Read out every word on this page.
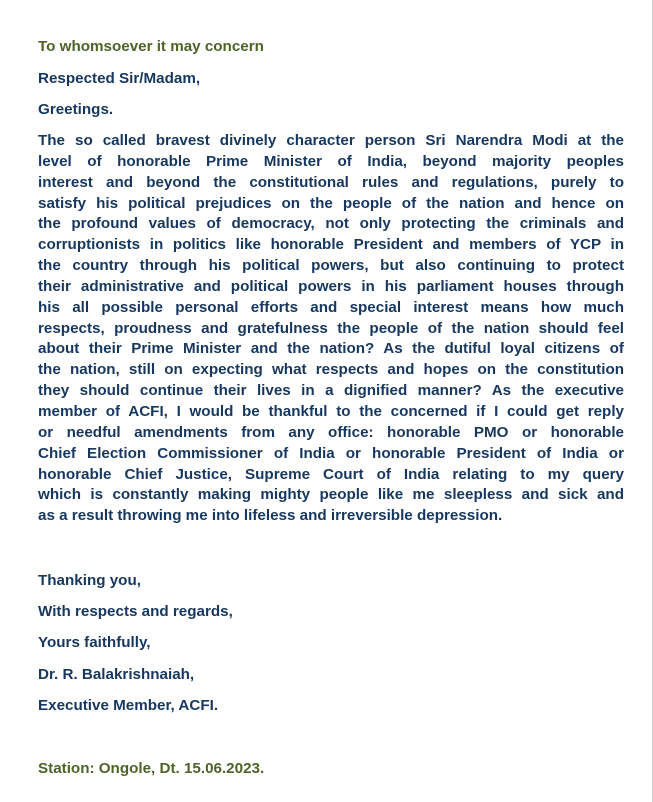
To whomsoever it may concern
Respected Sir/Madam,
Greetings.
The so called bravest divinely character person Sri Narendra Modi at the
level of honorable Prime Minister of India, beyond majority peoples
interest and beyond the constitutional rules and regulations, purely to
satisfy his political prejudices on the people of the nation and hence on
the profound values of democracy, not only protecting the criminals and
corruptionists in politics like honorable President and members of YCP in
the country through his political powers, but also continuing to protect
their administrative and political powers in his parliament houses through
his all possible personal efforts and special interest means how much
respects, proudness and gratefulness the people of the nation should feel
about their Prime Minister and the nation? As the dutiful loyal citizens of
the nation, still on expecting what respects and hopes on the constitution
they should continue their lives in a dignified manner? As the executive
member of ACFI, I would be thankful to the concerned if I could get reply
or needful amendments from any office: honorable PMO or honorable
Chief Election Commissioner of India or honorable President of India or
honorable Chief Justice, Supreme Court of India relating to my query
which is constantly making mighty people like me sleepless and sick and
as a result throwing me into lifeless and irreversible depression.
Thanking you,
With respects and regards,
Yours faithfully,
Dr. R. Balakrishnaiah,
Executive Member, ACFI.
Station: Ongole, Dt. 15.06.2023.
